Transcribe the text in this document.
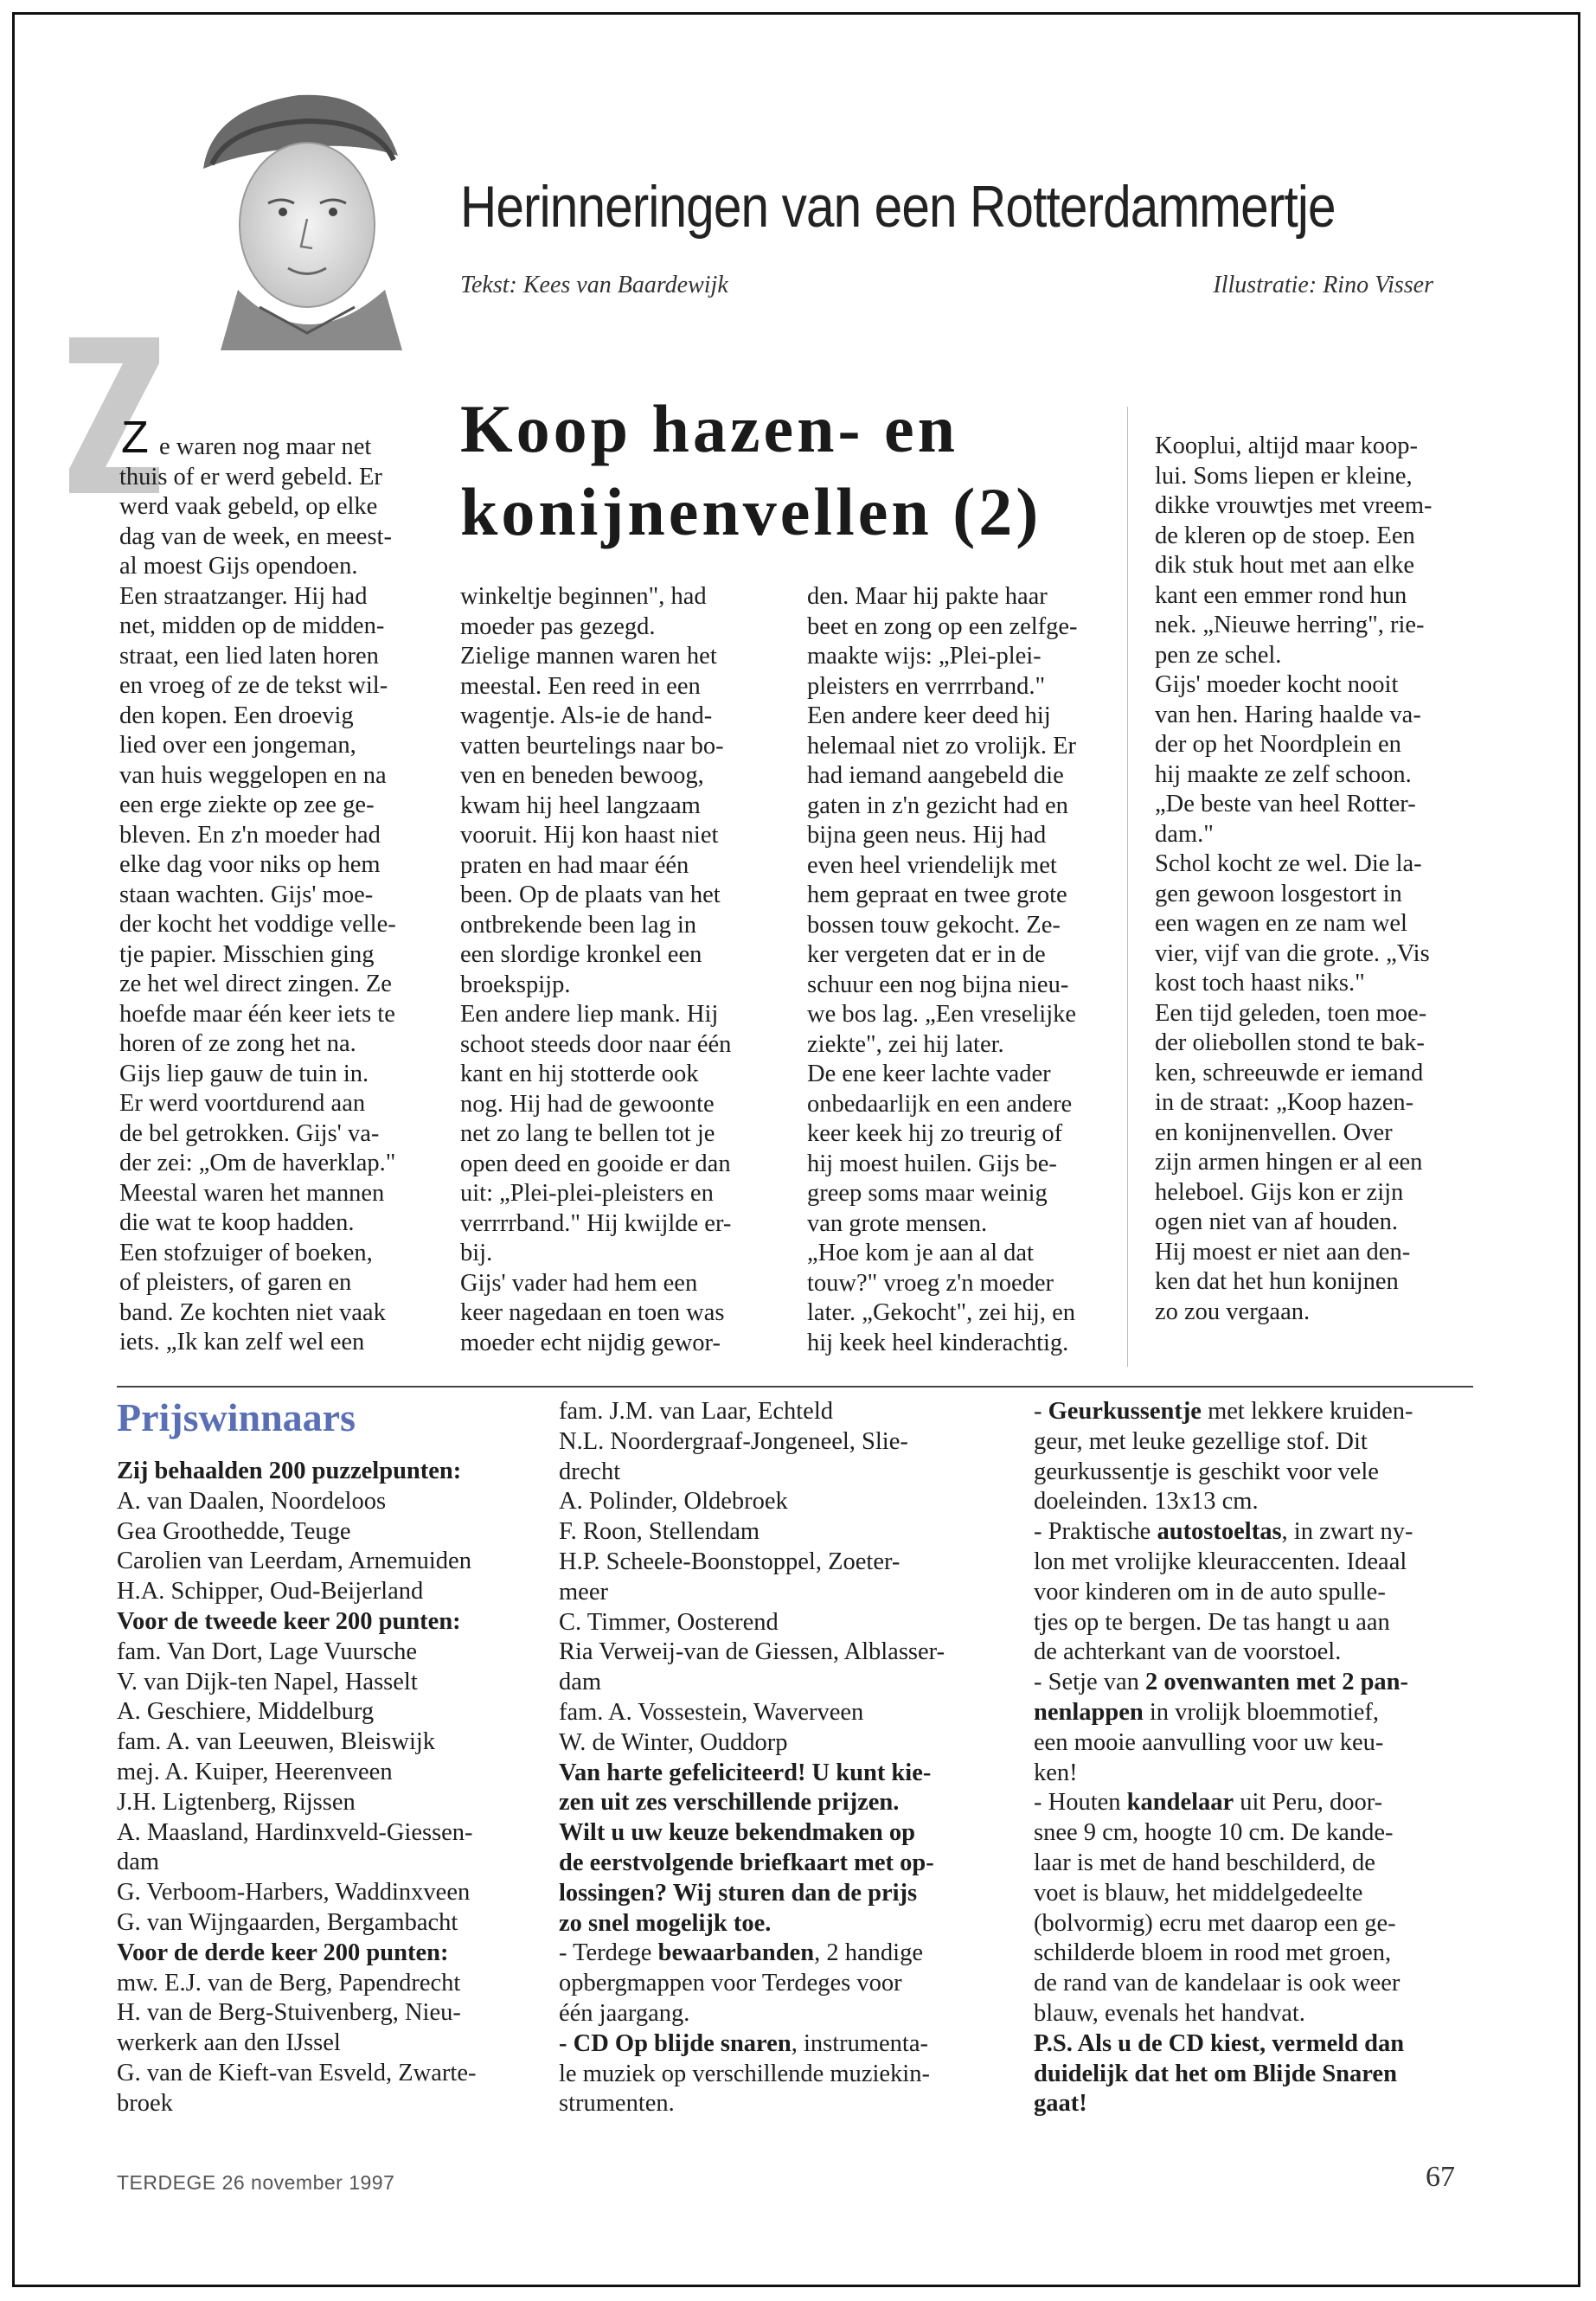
Herinneringen van een Rotterdammertje
Tekst: Kees van Baardewijk	Illustratie: Rino Visser
Z e waren nog maar net
thuis of er werd gebeld. Er
werd vaak gebeld, op elke
dag van de week, en meest-
al moest Gijs opendoen.
Een straatzanger. Hij had
net, midden op de midden-
straat, een lied laten horen
en vroeg of ze de tekst wil-
den kopen. Een droevig
lied over een jongeman,
van huis weggelopen en na
een erge ziekte op zee ge-
bleven. En z'n moeder had
elke dag voor niks op hem
staan wachten. Gijs' moe-
der kocht het voddige velle-
tje papier. Misschien ging
ze het wel direct zingen. Ze
hoefde maar één keer iets te
horen of ze zong het na.
Gijs liep gauw de tuin in.
Er werd voortdurend aan
de bel getrokken. Gijs' va-
der zei: „Om de haverklap."
Meestal waren het mannen
die wat te koop hadden.
Een stofzuiger of boeken,
of pleisters, of garen en
band. Ze kochten niet vaak
iets. „Ik kan zelf wel een
Koop hazen- en
konijnenvellen (2)
winkeltje beginnen", had
moeder pas gezegd.
Zielige mannen waren het
meestal. Een reed in een
wagentje. Als-ie de hand-
vatten beurtelings naar bo-
ven en beneden bewoog,
kwam hij heel langzaam
vooruit. Hij kon haast niet
praten en had maar één
been. Op de plaats van het
ontbrekende been lag in
een slordige kronkel een
broekspijp.
Een andere liep mank. Hij
schoot steeds door naar één
kant en hij stotterde ook
nog. Hij had de gewoonte
net zo lang te bellen tot je
open deed en gooide er dan
uit: „Plei-plei-pleisters en
verrrrband." Hij kwijlde er-
bij.
Gijs' vader had hem een
keer nagedaan en toen was
moeder echt nijdig gewor-
den. Maar hij pakte haar
beet en zong op een zelfge-
maakte wijs: „Plei-plei-
pleisters en verrrrband."
Een andere keer deed hij
helemaal niet zo vrolijk. Er
had iemand aangebeld die
gaten in z'n gezicht had en
bijna geen neus. Hij had
even heel vriendelijk met
hem gepraat en twee grote
bossen touw gekocht. Ze-
ker vergeten dat er in de
schuur een nog bijna nieu-
we bos lag. „Een vreselijke
ziekte", zei hij later.
De ene keer lachte vader
onbedaarlijk en een andere
keer keek hij zo treurig of
hij moest huilen. Gijs be-
greep soms maar weinig
van grote mensen.
„Hoe kom je aan al dat
touw?" vroeg z'n moeder
later. „Gekocht", zei hij, en
hij keek heel kinderachtig.
Kooplui, altijd maar koop-
lui. Soms liepen er kleine,
dikke vrouwtjes met vreem-
de kleren op de stoep. Een
dik stuk hout met aan elke
kant een emmer rond hun
nek. „Nieuwe herring", rie-
pen ze schel.
Gijs' moeder kocht nooit
van hen. Haring haalde va-
der op het Noordplein en
hij maakte ze zelf schoon.
„De beste van heel Rotter-
dam."
Schol kocht ze wel. Die la-
gen gewoon losgestort in
een wagen en ze nam wel
vier, vijf van die grote. „Vis
kost toch haast niks."
Een tijd geleden, toen moe-
der oliebollen stond te bak-
ken, schreeuwde er iemand
in de straat: „Koop hazen-
en konijnenvellen. Over
zijn armen hingen er al een
heleboel. Gijs kon er zijn
ogen niet van af houden.
Hij moest er niet aan den-
ken dat het hun konijnen
zo zou vergaan.
Prijswinnaars
Zij behaalden 200 puzzelpunten:
A. van Daalen, Noordeloos
Gea Groothedde, Teuge
Carolien van Leerdam, Arnemuiden
H.A. Schipper, Oud-Beijerland
Voor de tweede keer 200 punten:
fam. Van Dort, Lage Vuursche
V. van Dijk-ten Napel, Hasselt
A. Geschiere, Middelburg
fam. A. van Leeuwen, Bleiswijk
mej. A. Kuiper, Heerenveen
J.H. Ligtenberg, Rijssen
A. Maasland, Hardinxveld-Giessen-
dam
G. Verboom-Harbers, Waddinxveen
G. van Wijngaarden, Bergambacht
Voor de derde keer 200 punten:
mw. E.J. van de Berg, Papendrecht
H. van de Berg-Stuivenberg, Nieu-
werkerk aan den IJssel
G. van de Kieft-van Esveld, Zwarte-
broek
fam. J.M. van Laar, Echteld
N.L. Noordergraaf-Jongeneel, Slie-
drecht
A. Polinder, Oldebroek
F. Roon, Stellendam
H.P. Scheele-Boonstoppel, Zoeter-
meer
C. Timmer, Oosterend
Ria Verweij-van de Giessen, Alblasser-
dam
fam. A. Vossestein, Waverveen
W. de Winter, Ouddorp
Van harte gefeliciteerd! U kunt kie-
zen uit zes verschillende prijzen.
Wilt u uw keuze bekendmaken op
de eerstvolgende briefkaart met op-
lossingen? Wij sturen dan de prijs
zo snel mogelijk toe.
- Terdege bewaarbanden, 2 handige
opbergmappen voor Terdeges voor
één jaargang.
- CD Op blijde snaren, instrumenta-
le muziek op verschillende muziekin-
strumenten.
- Geurkussentje met lekkere kruiden-
geur, met leuke gezellige stof. Dit
geurkussentje is geschikt voor vele
doeleinden. 13x13 cm.
- Praktische autostoeltas, in zwart ny-
lon met vrolijke kleuraccenten. Ideaal
voor kinderen om in de auto spulle-
tjes op te bergen. De tas hangt u aan
de achterkant van de voorstoel.
- Setje van 2 ovenwanten met 2 pan-
nenlappen in vrolijk bloemmotief,
een mooie aanvulling voor uw keu-
ken!
- Houten kandelaar uit Peru, door-
snee 9 cm, hoogte 10 cm. De kande-
laar is met de hand beschilderd, de
voet is blauw, het middelgedeelte
(bolvormig) ecru met daarop een ge-
schilderde bloem in rood met groen,
de rand van de kandelaar is ook weer
blauw, evenals het handvat.
P.S. Als u de CD kiest, vermeld dan
duidelijk dat het om Blijde Snaren
gaat!
TERDEGE 26 november 1997	67
